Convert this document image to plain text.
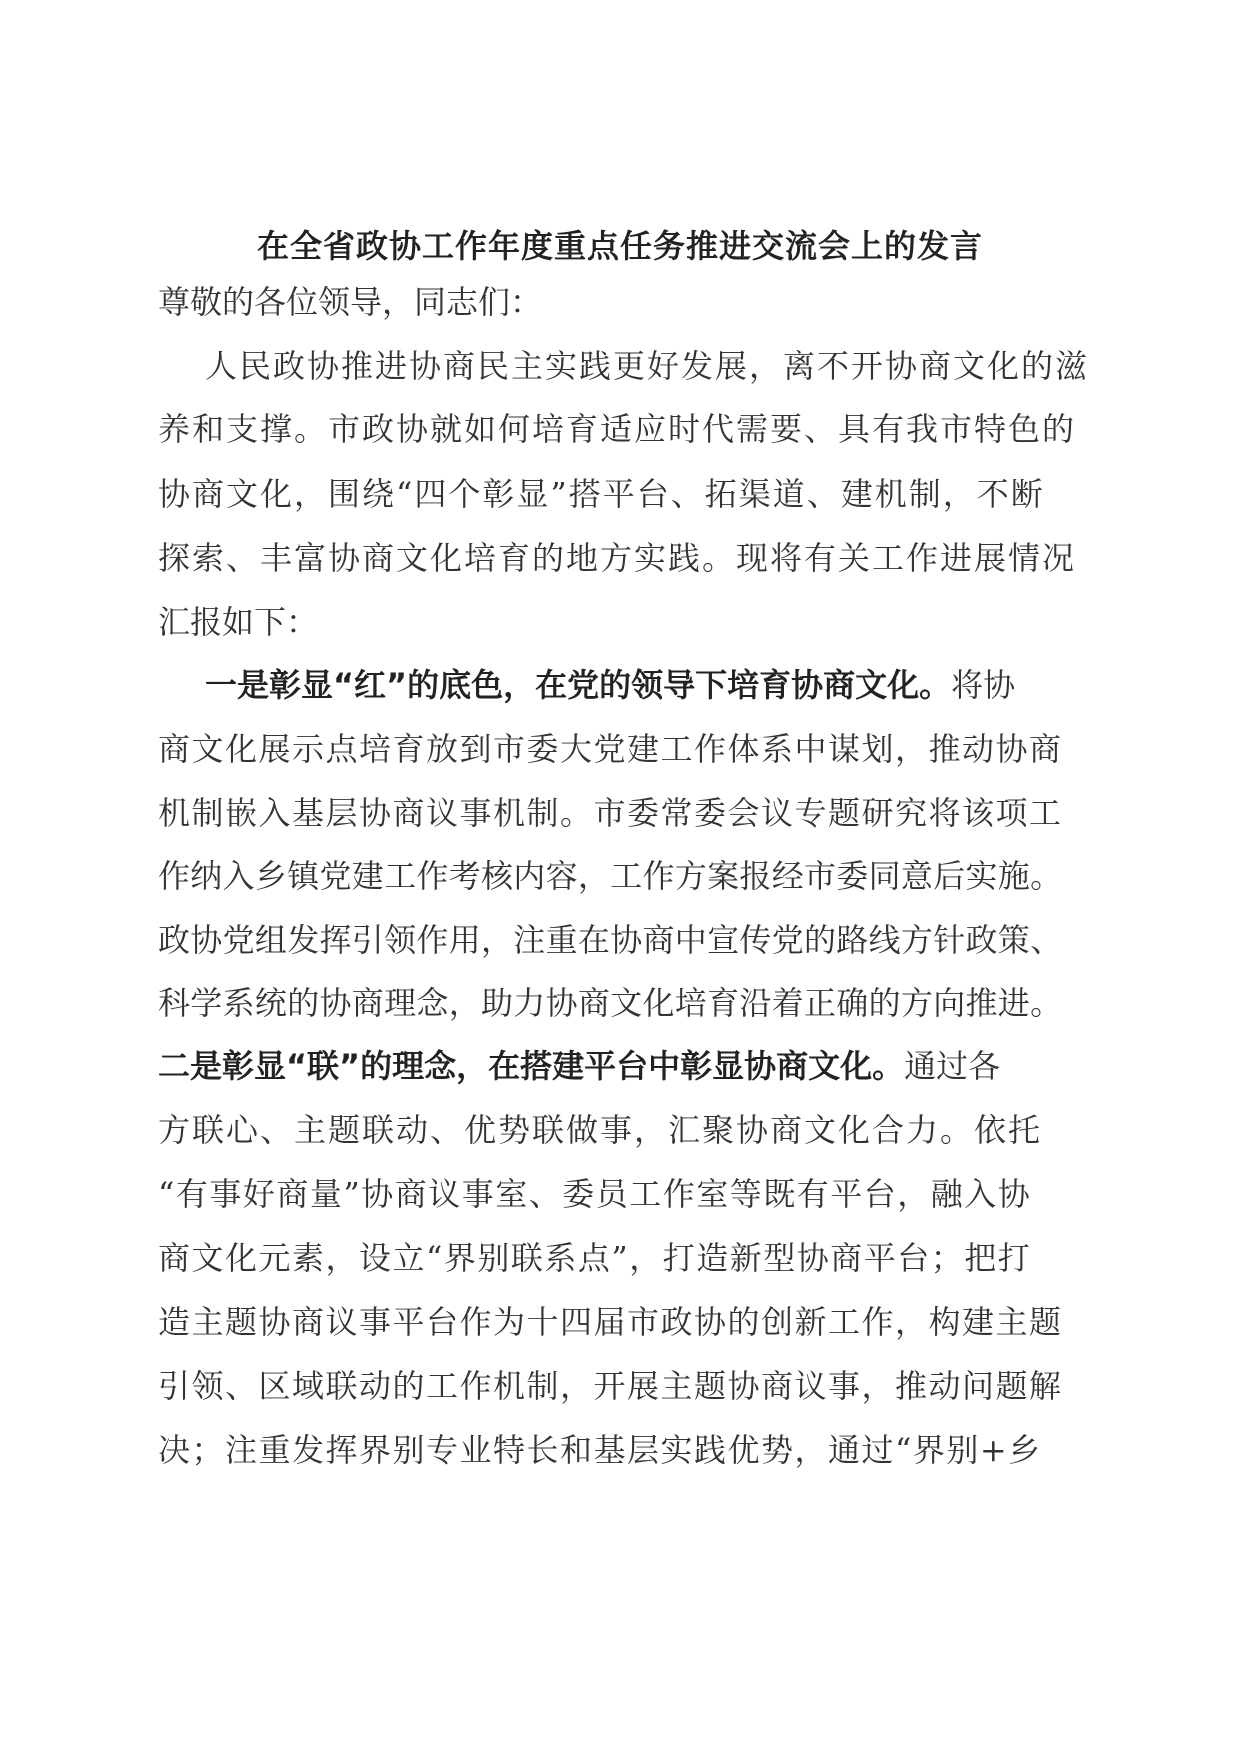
在全省政协工作年度重点任务推进交流会上的发言
尊敬的各位领导，同志们：
人民政协推进协商民主实践更好发展，离不开协商文化的滋
养和支撑。市政协就如何培育适应时代需要、具有我市特色的
协商文化，围绕“四个彰显”搭平台、拓渠道、建机制，不断
探索、丰富协商文化培育的地方实践。现将有关工作进展情况
汇报如下：
一是彰显“红”的底色，在党的领导下培育协商文化。将协
商文化展示点培育放到市委大党建工作体系中谋划，推动协商
机制嵌入基层协商议事机制。市委常委会议专题研究将该项工
作纳入乡镇党建工作考核内容，工作方案报经市委同意后实施。
政协党组发挥引领作用，注重在协商中宣传党的路线方针政策、
科学系统的协商理念，助力协商文化培育沿着正确的方向推进。
二是彰显“联”的理念，在搭建平台中彰显协商文化。通过各
方联心、主题联动、优势联做事，汇聚协商文化合力。依托
“有事好商量”协商议事室、委员工作室等既有平台，融入协
商文化元素，设立“界别联系点”，打造新型协商平台；把打
造主题协商议事平台作为十四届市政协的创新工作，构建主题
引领、区域联动的工作机制，开展主题协商议事，推动问题解
决；注重发挥界别专业特长和基层实践优势，通过“界别+乡
